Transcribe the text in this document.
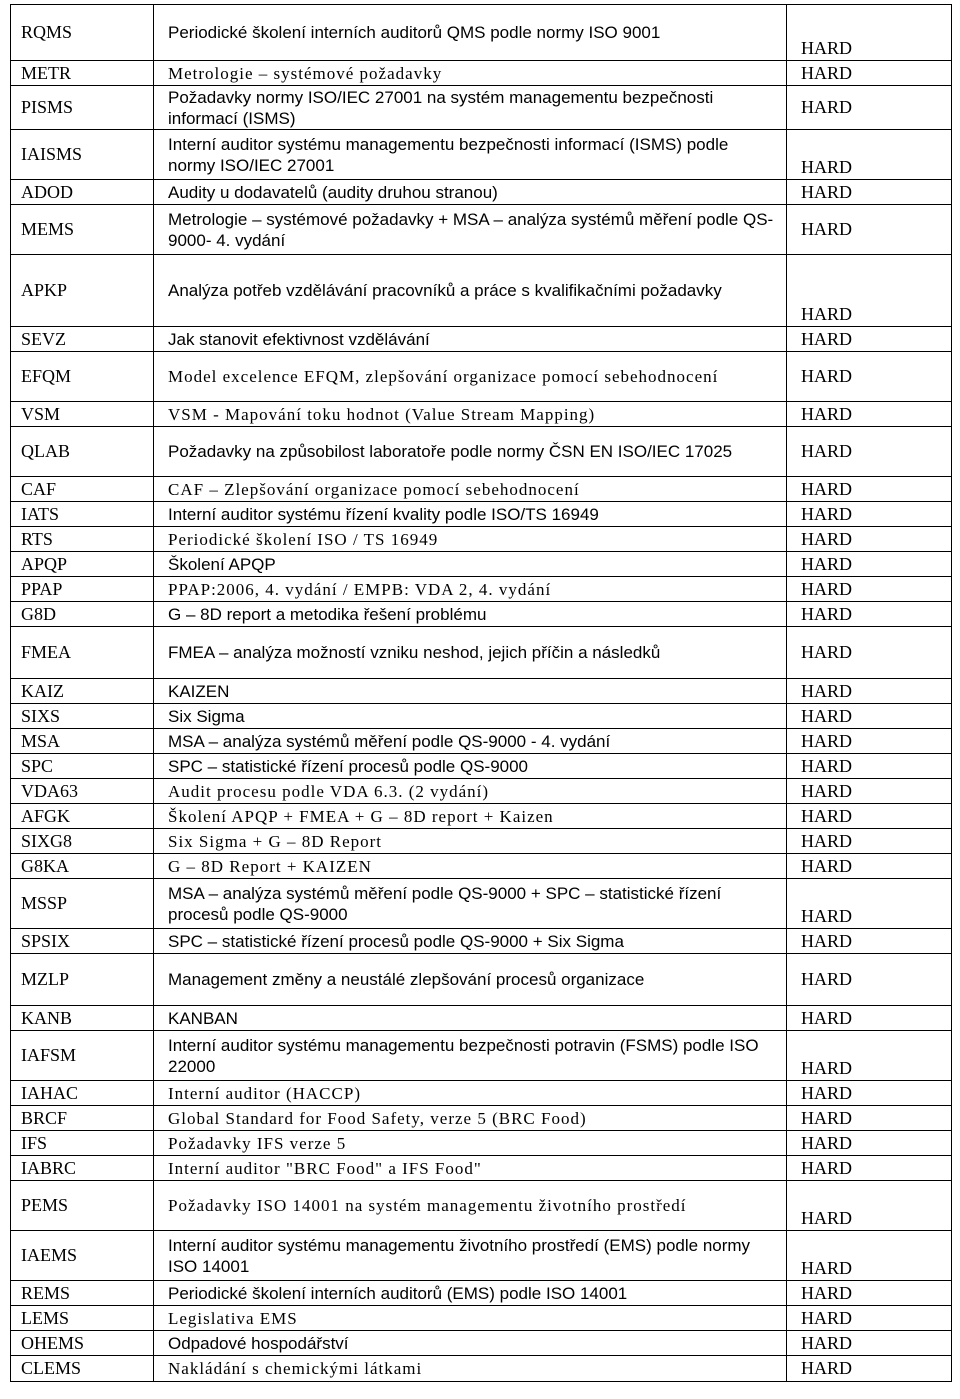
RQMS	Periodické školení interních auditorů QMS podle normy ISO 9001	HARD
METR	Metrologie – systémové požadavky	HARD
PISMS	Požadavky normy ISO/IEC 27001 na systém managementu bezpečnosti informací (ISMS)	HARD
IAISMS	Interní auditor systému managementu bezpečnosti informací (ISMS) podle normy ISO/IEC 27001	HARD
ADOD	Audity u dodavatelů (audity druhou stranou)	HARD
MEMS	Metrologie – systémové požadavky + MSA – analýza systémů měření podle QS-9000- 4. vydání	HARD
APKP	Analýza potřeb vzdělávání pracovníků a práce s kvalifikačními požadavky	HARD
SEVZ	Jak stanovit efektivnost vzdělávání	HARD
EFQM	Model excelence EFQM, zlepšování organizace pomocí sebehodnocení	HARD
VSM	VSM - Mapování toku hodnot (Value Stream Mapping)	HARD
QLAB	Požadavky na způsobilost laboratoře podle normy ČSN EN ISO/IEC 17025	HARD
CAF	CAF – Zlepšování organizace pomocí sebehodnocení	HARD
IATS	Interní auditor systému řízení kvality podle ISO/TS 16949	HARD
RTS	Periodické školení ISO / TS 16949	HARD
APQP	Školení APQP	HARD
PPAP	PPAP:2006, 4. vydání / EMPB: VDA 2, 4. vydání	HARD
G8D	G – 8D report a metodika řešení problému	HARD
FMEA	FMEA – analýza možností vzniku neshod, jejich příčin a následků	HARD
KAIZ	KAIZEN	HARD
SIXS	Six Sigma	HARD
MSA	MSA – analýza systémů měření podle QS-9000 - 4. vydání	HARD
SPC	SPC – statistické řízení procesů podle QS-9000	HARD
VDA63	Audit procesu podle VDA 6.3. (2 vydání)	HARD
AFGK	Školení APQP + FMEA + G – 8D report + Kaizen	HARD
SIXG8	Six Sigma + G – 8D Report	HARD
G8KA	G – 8D Report + KAIZEN	HARD
MSSP	MSA – analýza systémů měření podle QS-9000 + SPC – statistické řízení procesů podle QS-9000	HARD
SPSIX	SPC – statistické řízení procesů podle QS-9000 + Six Sigma	HARD
MZLP	Management změny a neustálé zlepšování procesů organizace	HARD
KANB	KANBAN	HARD
IAFSM	Interní auditor systému managementu bezpečnosti potravin (FSMS) podle ISO 22000	HARD
IAHAC	Interní auditor (HACCP)	HARD
BRCF	Global Standard for Food Safety, verze 5 (BRC Food)	HARD
IFS	Požadavky IFS verze 5	HARD
IABRC	Interní auditor "BRC Food" a IFS Food"	HARD
PEMS	Požadavky ISO 14001 na systém managementu životního prostředí	HARD
IAEMS	Interní auditor systému managementu životního prostředí (EMS) podle normy ISO 14001	HARD
REMS	Periodické školení interních auditorů (EMS) podle ISO 14001	HARD
LEMS	Legislativa EMS	HARD
OHEMS	Odpadové hospodářství	HARD
CLEMS	Nakládání s chemickými látkami	HARD
